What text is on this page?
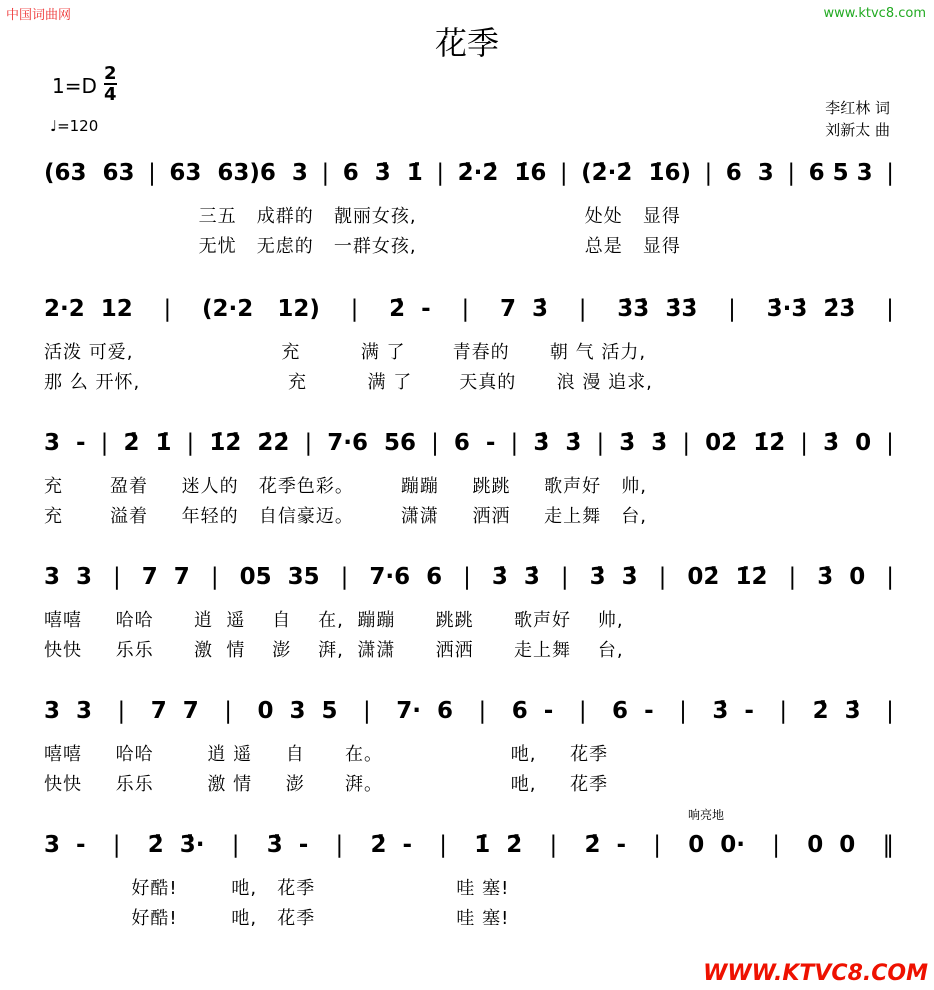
中国词曲网	www.ktvc8.com
花季
$1=D \frac{2}{4}$
♩=120
李红林 词
刘新太 曲
响亮地
(63  63 | 63  63)6  3 | 6  3̇  1̇ | 2̇·2̇  1̇6 | (2̇·2̇  1̇6) | 6  3 | 6 5 3 |
三五   成群的   靓丽女孩,                         处处   显得
无忧   无虑的   一群女孩,                         总是   显得
2·2  12 | (2·2   12) | 2̇  - | 7  3̇ | 3̇3̇  3̇3̇ | 3̇·3̇  2̇3̇ |
活泼 可爱,                      充         满 了       青春的      朝 气 活力,
那 么 开怀,                      充         满 了       天真的      浪 漫 追求,
3  - | 2̇  1̇ | 1̇2̇  2̇2̇ | 7·6  56 | 6  - | 3̇  3̇ | 3̇  3̇ | 02̇  1̇2̇ | 3̇  0 |
充       盈着     迷人的   花季色彩。       蹦蹦     跳跳     歌声好   帅,
充       溢着     年轻的   自信豪迈。       潇潇     洒洒     走上舞   台,
3  3 | 7  7 | 05  35 | 7·6  6 | 3̇  3̇ | 3̇  3̇ | 02̇  1̇2̇ | 3̇  0 |
嘻嘻     哈哈      逍  遥    自    在,  蹦蹦      跳跳      歌声好    帅,
快快     乐乐      激  情    澎    湃,  潇潇      洒洒      走上舞    台,
3  3 | 7  7 | 0  3  5 | 7·  6 | 6  - | 6  - | 3̇  - | 2̇  3̇ |
嘻嘻     哈哈        逍 遥     自      在。                   吔,     花季
快快     乐乐        激 情     澎      湃。                   吔,     花季
3  - | 2̇  3̇· | 3̇  - | 2̇  - | 1̇  2̇ | 2̇  - | 0  0· | 0  0 ‖
好酷!        吔,   花季                     哇 塞!
好酷!        吔,   花季                     哇 塞!
WWW.KTVC8.COM
